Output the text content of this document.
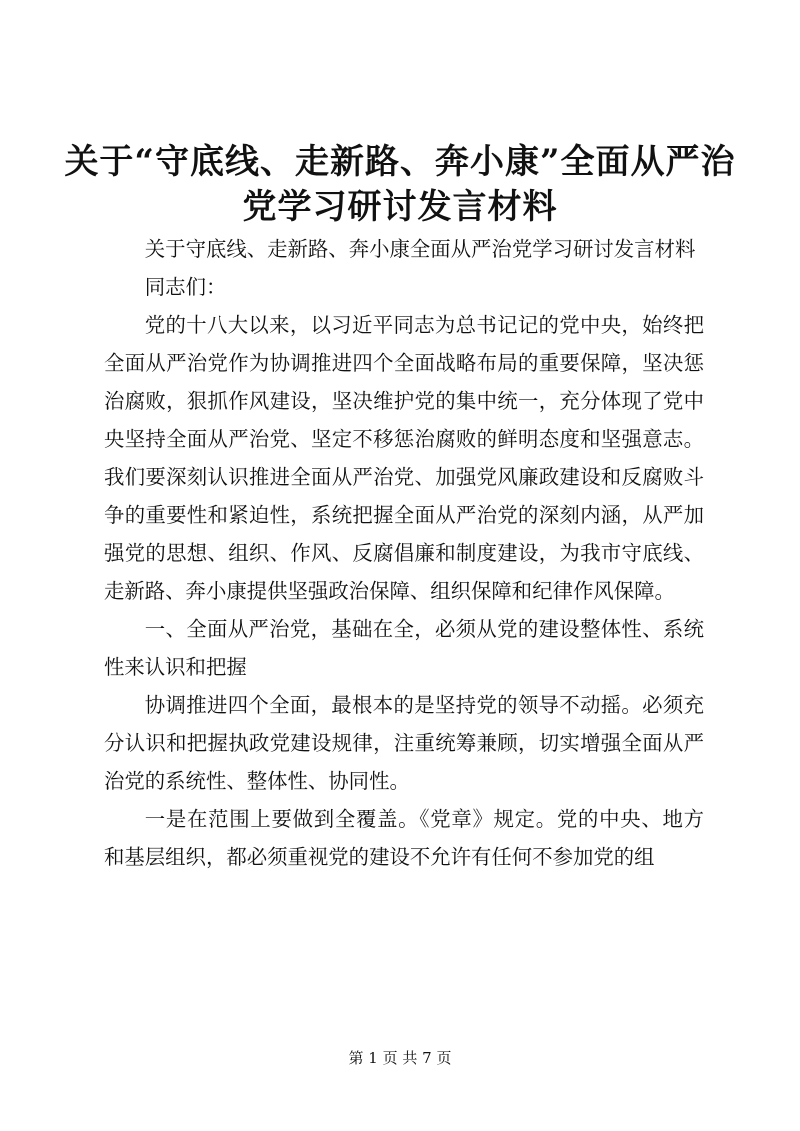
关于“守底线、走新路、奔小康”全面从严治
党学习研讨发言材料

关于守底线、走新路、奔小康全面从严治党学习研讨发言材料

同志们：

党的十八大以来，以习近平同志为总书记记的党中央，始终把全面从严治党作为协调推进四个全面战略布局的重要保障，坚决惩治腐败，狠抓作风建设，坚决维护党的集中统一，充分体现了党中央坚持全面从严治党、坚定不移惩治腐败的鲜明态度和坚强意志。我们要深刻认识推进全面从严治党、加强党风廉政建设和反腐败斗争的重要性和紧迫性，系统把握全面从严治党的深刻内涵，从严加强党的思想、组织、作风、反腐倡廉和制度建设，为我市守底线、走新路、奔小康提供坚强政治保障、组织保障和纪律作风保障。

一、全面从严治党，基础在全，必须从党的建设整体性、系统性来认识和把握

协调推进四个全面，最根本的是坚持党的领导不动摇。必须充分认识和把握执政党建设规律，注重统筹兼顾，切实增强全面从严治党的系统性、整体性、协同性。

一是在范围上要做到全覆盖。《党章》规定。党的中央、地方和基层组织，都必须重视党的建设不允许有任何不参加党的组

第 1 页 共 7 页
